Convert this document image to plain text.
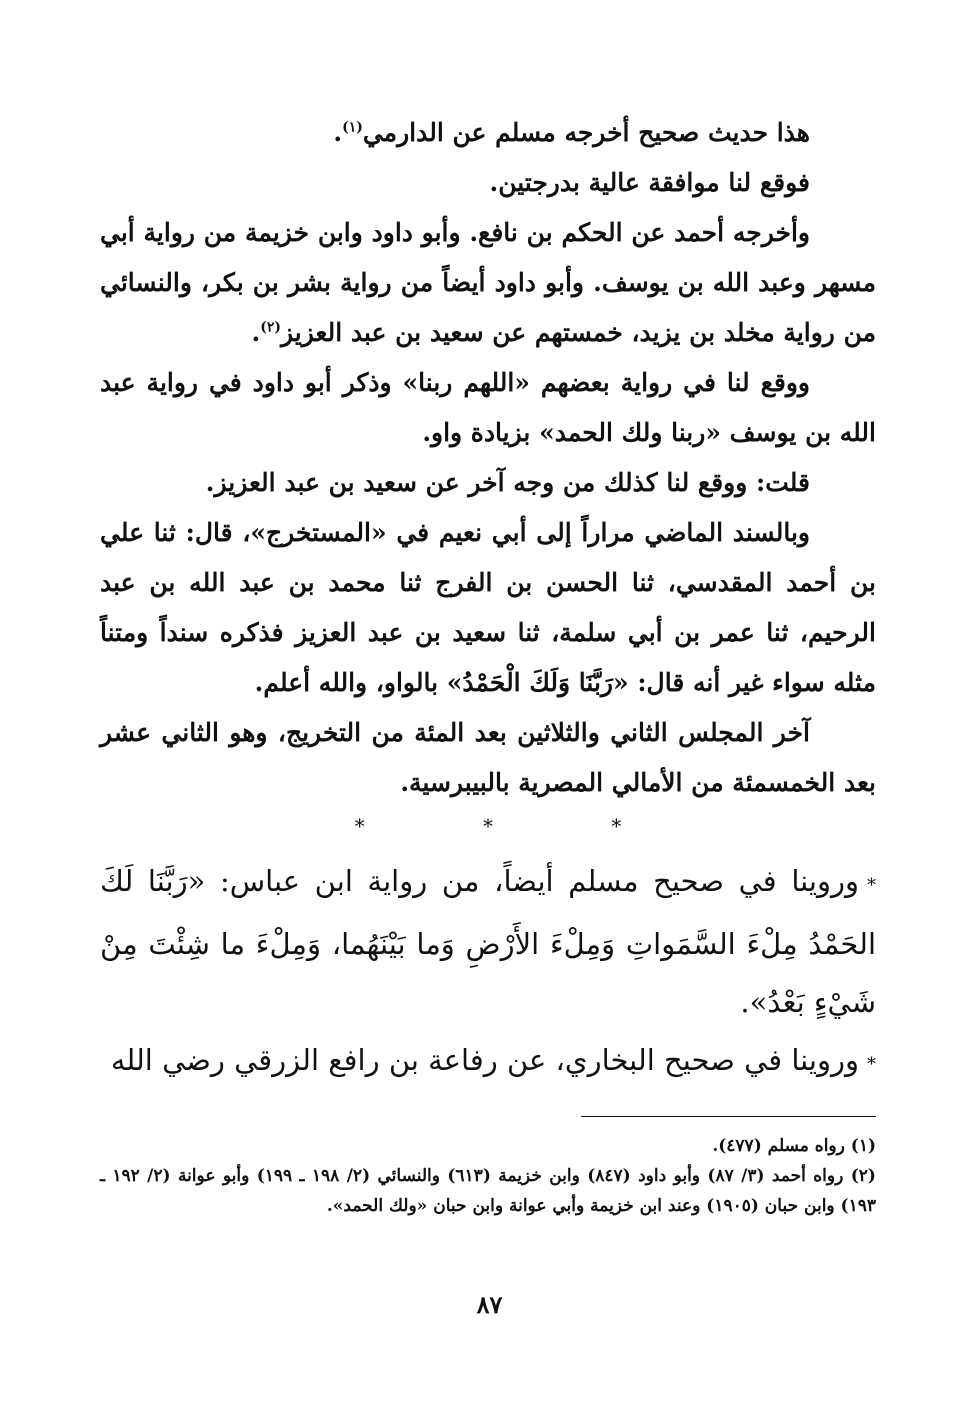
هذا حديث صحيح أخرجه مسلم عن الدارمي$^{(١)}$.

فوقع لنا موافقة عالية بدرجتين.

وأخرجه أحمد عن الحكم بن نافع. وأبو داود وابن خزيمة من رواية أبي مسهر وعبد الله بن يوسف. وأبو داود أيضاً من رواية بشر بن بكر، والنسائي من رواية مخلد بن يزيد، خمستهم عن سعيد بن عبد العزيز$^{(٢)}$.

ووقع لنا في رواية بعضهم «اللهم ربنا» وذكر أبو داود في رواية عبد الله بن يوسف «ربنا ولك الحمد» بزيادة واو.

قلت: ووقع لنا كذلك من وجه آخر عن سعيد بن عبد العزيز.

وبالسند الماضي مراراً إلى أبي نعيم في «المستخرج»، قال: ثنا علي بن أحمد المقدسي، ثنا الحسن بن الفرج ثنا محمد بن عبد الله بن عبد الرحيم، ثنا عمر بن أبي سلمة، ثنا سعيد بن عبد العزيز فذكره سنداً ومتناً مثله سواء غير أنه قال: «رَبَّنَا وَلَكَ الْحَمْدُ» بالواو، والله أعلم.

آخر المجلس الثاني والثلاثين بعد المئة من التخريج، وهو الثاني عشر بعد الخمسمئة من الأمالي المصرية بالبيبرسية.

* * *

*وروينا في صحيح مسلم أيضاً، من رواية ابن عباس: «رَبَّنَا لَكَ الحَمْدُ مِلْءَ السَّمَواتِ وَمِلْءَ الأَرْضِ وَما بَيْنَهُما، وَمِلْءَ ما شِئْتَ مِنْ شَيْءٍ بَعْدُ».

*وروينا في صحيح البخاري، عن رفاعة بن رافع الزرقي رضي الله

(١) رواه مسلم (٤٧٧).

(٢) رواه أحمد (٣/ ٨٧) وأبو داود (٨٤٧) وابن خزيمة (٦١٣) والنسائي (٢/ ١٩٨ ـ ١٩٩) وأبو عوانة (٢/ ١٩٢ ـ ١٩٣) وابن حبان (١٩٠٥) وعند ابن خزيمة وأبي عوانة وابن حبان «ولك الحمد».

٨٧
